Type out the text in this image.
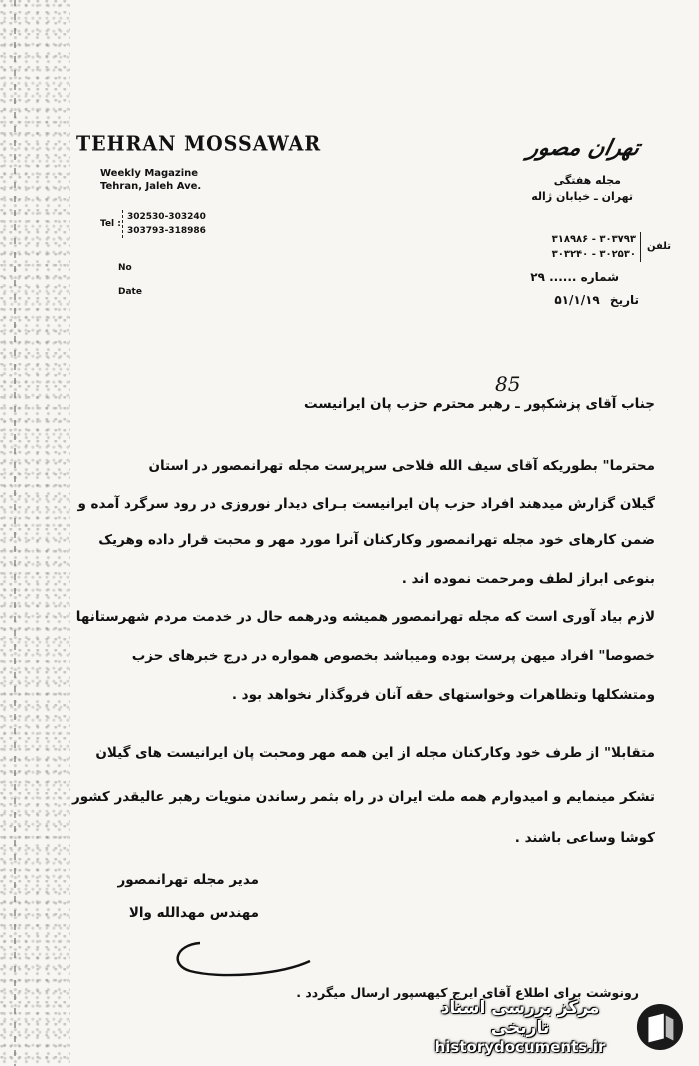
TEHRAN MOSSAWAR
Weekly Magazine
Tehran, Jaleh Ave.
Tel :
302530-303240
303793-318986
No
Date
تهران مصور
مجله هفتگی
تهران ـ خیابان ژاله
تلفن
۳۱۸۹۸۶ - ۳۰۳۷۹۳
۳۰۳۲۴۰ - ۳۰۲۵۳۰
شماره ...... ۲۹
تاریخ ۵۱/۱/۱۹
85
جناب آقای پزشکپور ـ رهبر محترم حزب پان ایرانیست
محترما" بطوریکه آقای سیف الله فلاحی سرپرست مجله تهرانمصور در استان
گیلان گزارش میدهند افراد حزب پان ایرانیست بـرای دیدار نوروزی در رود سرگرد آمده و
ضمن کارهای خود مجله تهرانمصور وکارکنان آنرا مورد مهر و محبت قرار داده وهریک
بنوعی ابراز لطف ومرحمت نموده اند .
لازم بیاد آوری است که مجله تهرانمصور همیشه ودرهمه حال در خدمت مردم شهرستانها
خصوصا" افراد میهن پرست بوده ومیباشد بخصوص همواره در درج خبرهای حزب
ومتشکلها وتظاهرات وخواستهای حقه آنان فروگذار نخواهد بود .
متقابلا" از طرف خود وکارکنان مجله از این همه مهر ومحبت پان ایرانیست های گیلان
تشکر مینمایم و امیدوارم همه ملت ایران در راه بثمر رساندن منویات رهبر عالیقدر کشور
کوشا وساعی باشند .
مدیر مجله تهرانمصور
مهندس مهدالله والا
رونوشت برای اطلاع آقای ایرج کیهسپور ارسال میگردد .
مرکز بررسی اسناد تاریخی
historydocuments.ir
